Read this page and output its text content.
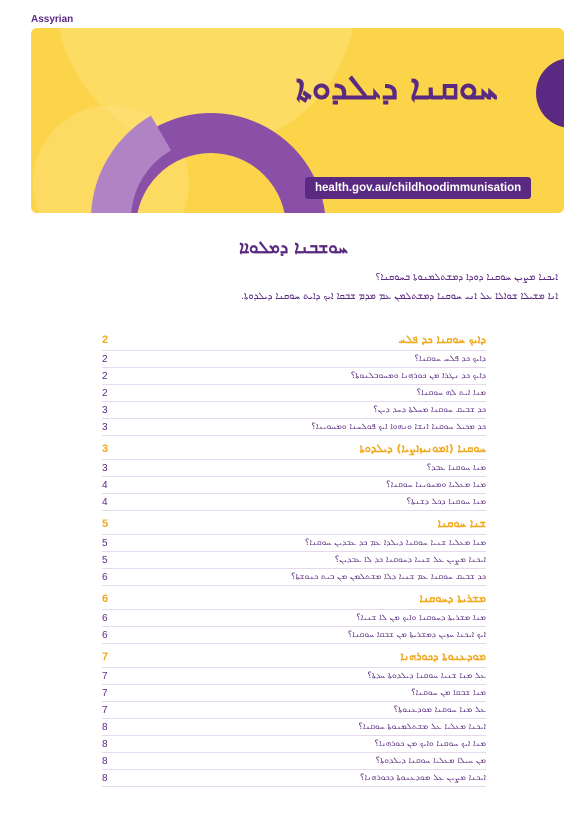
Assyrian
ܚܘܩܢܐ ܕܝܠܕܘܬܐ
health.gov.au/childhoodimmunisation
ܚܘܫܒܢܐ ܕܡܠܘܐܐ
ܐܝܟܢܐ ܡܨܝܢ ܚܘܩܢܐ ܕܘܕܐ ܕܡܫܬܠܡܢܘܬܐ ܒܚܘܩܢܐ؟
ܐܢܐ ܡܫܝܠܐ ܫܘܐܠܐ ܥܠ ܐܢܝ ܚܘܩܢܐ ܕܡܫܬܠܡܢ ܥܡ ܡܕܡ ܫܒܩܐ ܐܝܟ ܕܐܝܬ ܚܘܩܢܐ ܕܝܠܕܘܬܐ.
2	ܕܐܝܟ ܚܘܩܢܐ ܟܕ ܦܠܚ
2	ܕܐܝܟ ܟܕ ܦܠܚ ܚܘܩܢܐ؟
2	ܕܐܝܟ ܟܕ ܢܛܪܐ ܡܢ ܟܘܪܗܢܐ ܘܡܚܘܒܠܢܘܬܐ؟
2	ܡܢܐ ܐܝܬ ܠܗ ܚܘܩܢܐ؟
3	ܟܕ ܫܒܝܩ ܚܘܩܢܐ ܡܚܠܬܐ ܕܚܕ ܕܝܢ؟
3	ܟܕ ܡܟܝܠ ܚܘܩܢܐ ܐܢܫܐ ܘܢܗܘܐ ܐܝܟ ܦܘܠܚܢܐ ܘܡܚܘܝܢܐ؟
3	ܚܘܩܢܐ (ܐܡܘܢܝܙܐܨܝܐ) ܕܝܠܕܘܬܐ
3	ܡܢܐ ܚܘܩܢܐ ܥܒܕ؟
4	ܡܢܐ ܡܥܠܝܐ ܘܡܚܘܝܢܐ ܚܘܩܢܐ؟
4	ܡܢܐ ܚܘܩܢܐ ܕܟܠ ܕܫܢܬܐ؟
5	ܫܢܐ ܚܘܩܢܐ
5	ܡܢܐ ܡܥܠܝܐ ܫܢܝܐ ܚܘܩܢܐ ܕܝܠܕܐ ܥܡ ܟܕ ܥܒܕܝܢ ܚܘܩܢܐ؟
5	ܐܝܟܢܐ ܡܨܝܢ ܥܠ ܫܢܝܐ ܕܚܘܩܢܐ ܟܕ ܠܐ ܥܒܕܝܢ؟
6	ܟܕ ܫܒܝܩ ܚܘܩܢܐ ܥܡ ܫܢܝܐ ܕܠܐ ܡܫܬܠܡܢ ܡܢ ܒܝܬ ܟܢܘܫܬܐ؟
6	ܡܫܪܝܬܐ ܕܚܘܩܢܐ
6	ܡܢܐ ܡܫܪܝܬܐ ܕܚܘܩܢܐ ܘܐܝܟ ܡܢ ܠܐ ܫܢܝܐ؟
6	ܐܝܟ ܐܝܟܢܐ ܚܙܝܢ ܕܡܫܪܝܬܐ ܡܢ ܫܒܩܐ ܚܘܩܢܐ؟
7	ܡܘܕܥܢܘܬܐ ܕܟܘܪܗܢܐ
7	ܥܠ ܡܢܐ ܫܢܝܐ ܚܘܩܢܐ ܕܝܠܕܘܬܐ ܚܕܬܐ؟
7	ܡܢܐ ܫܒܩܐ ܡܢ ܚܘܩܢܐ؟
7	ܥܠ ܡܢܐ ܚܘܩܢܐ ܡܘܕܥܢܘܬܐ؟
8	ܐܝܟܢܐ ܡܥܠܝܐ ܥܠ ܡܫܬܠܡܢܘܬܐ ܚܘܩܢܐ؟
8	ܡܢܐ ܐܝܟ ܚܘܩܢܐ ܘܐܝܟ ܡܢ ܟܘܪܗܢܐ؟
8	ܡܢ ܚܝܠܐ ܡܥܠܝܐ ܚܘܩܢܐ ܕܝܠܕܘܬܐ؟
8	ܐܝܟܢܐ ܡܨܝܢ ܥܠ ܡܘܕܥܢܘܬܐ ܕܟܘܪܗܢܐ؟
